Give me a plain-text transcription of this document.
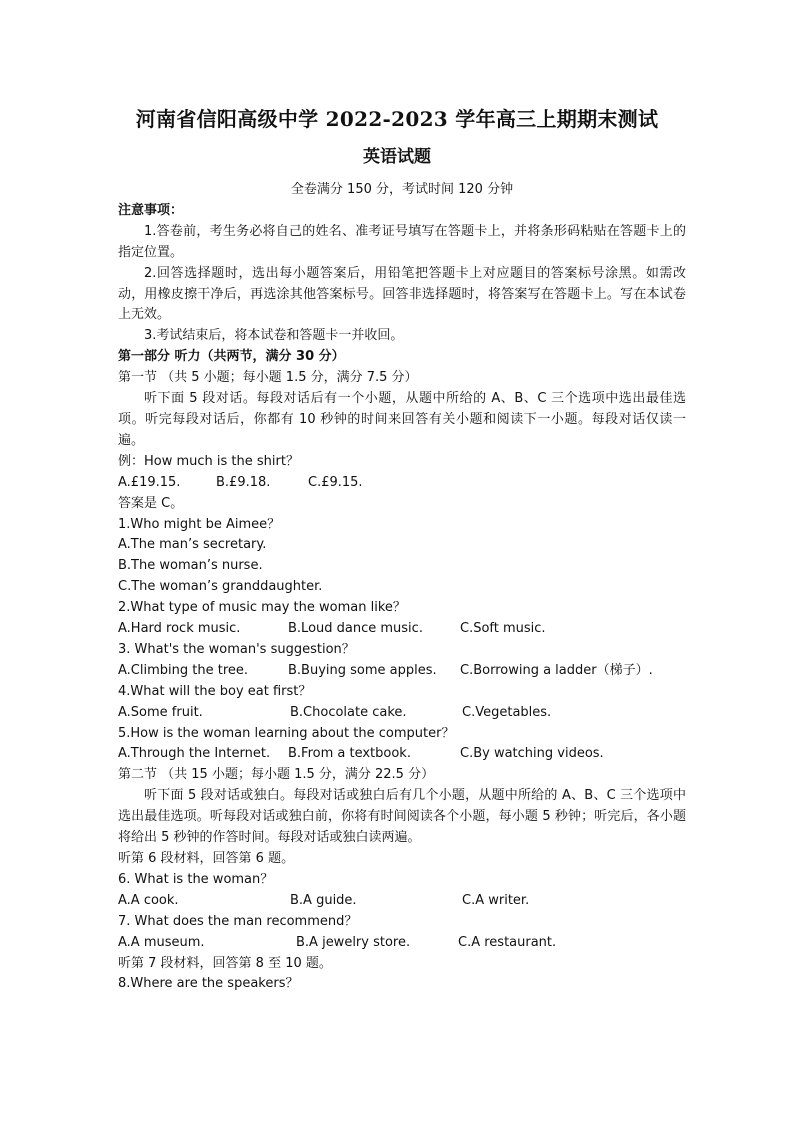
河南省信阳高级中学 2022-2023 学年高三上期期末测试
英语试题

全卷满分 150 分，考试时间 120 分钟

注意事项：

1.答卷前，考生务必将自己的姓名、准考证号填写在答题卡上，并将条形码粘贴在答题卡上的指定位置。

2.回答选择题时，选出每小题答案后，用铅笔把答题卡上对应题目的答案标号涂黑。如需改动，用橡皮擦干净后，再选涂其他答案标号。回答非选择题时，将答案写在答题卡上。写在本试卷上无效。

3.考试结束后，将本试卷和答题卡一并收回。

第一部分 听力（共两节，满分 30 分）

第一节 （共 5 小题；每小题 1.5 分，满分 7.5 分）

听下面 5 段对话。每段对话后有一个小题，从题中所给的 A、B、C 三个选项中选出最佳选项。听完每段对话后，你都有 10 秒钟的时间来回答有关小题和阅读下一小题。每段对话仅读一遍。

例：How much is the shirt？

A.£19.15.	B.£9.18.	C.£9.15.

答案是 C。

1.Who might be Aimee？

A.The man’s secretary.

B.The woman’s nurse.

C.The woman’s granddaughter.

2.What type of music may the woman like？

A.Hard rock music.	B.Loud dance music.	C.Soft music.

3. What's the woman's suggestion？

A.Climbing the tree.	B.Buying some apples.	C.Borrowing a ladder（梯子）.

4.What will the boy eat first？

A.Some fruit.	B.Chocolate cake.	C.Vegetables.

5.How is the woman learning about the computer？

A.Through the Internet.	B.From a textbook.	C.By watching videos.

第二节 （共 15 小题；每小题 1.5 分，满分 22.5 分）

听下面 5 段对话或独白。每段对话或独白后有几个小题，从题中所给的 A、B、C 三个选项中选出最佳选项。听每段对话或独白前，你将有时间阅读各个小题，每小题 5 秒钟；听完后，各小题将给出 5 秒钟的作答时间。每段对话或独白读两遍。

听第 6 段材料，回答第 6 题。

6. What is the woman？

A.A cook.	B.A guide.	C.A writer.

7. What does the man recommend？

A.A museum.	B.A jewelry store.	C.A restaurant.

听第 7 段材料，回答第 8 至 10 题。

8.Where are the speakers？
